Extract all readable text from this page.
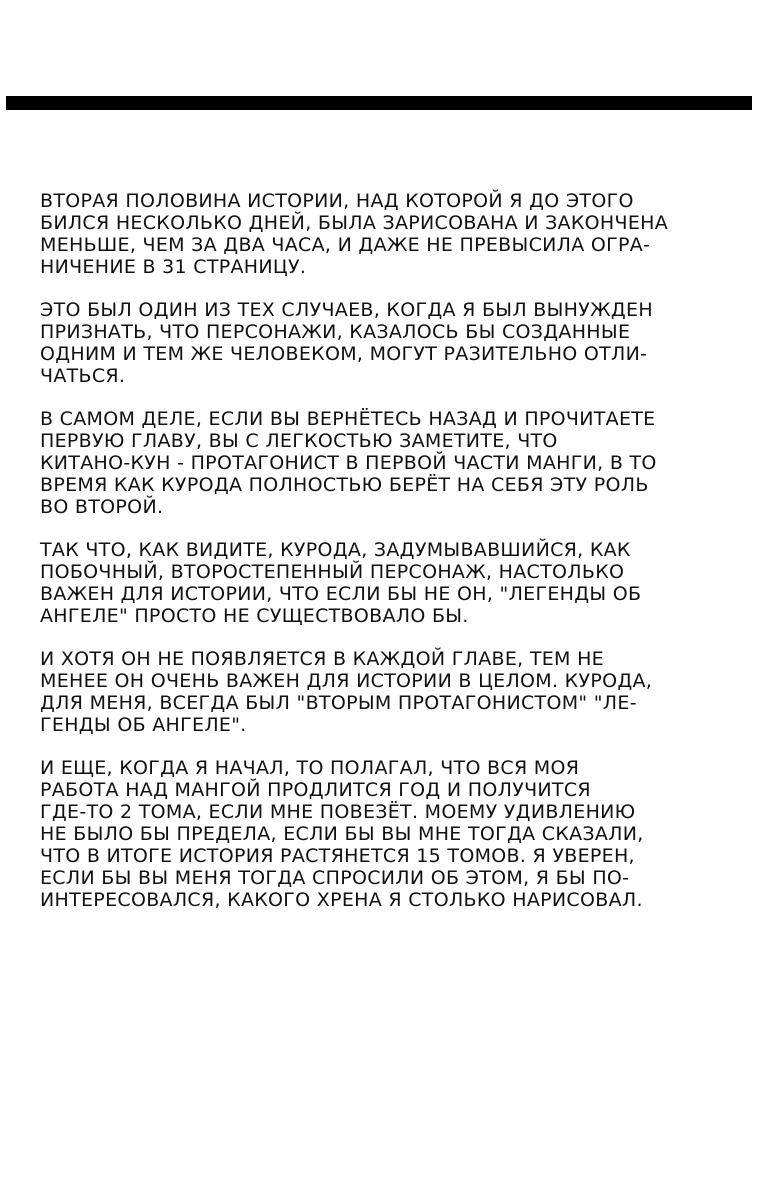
ВТОРАЯ ПОЛОВИНА ИСТОРИИ, НАД КОТОРОЙ Я ДО ЭТОГО
БИЛСЯ НЕСКОЛЬКО ДНЕЙ, БЫЛА ЗАРИСОВАНА И ЗАКОНЧЕНА
МЕНЬШЕ, ЧЕМ ЗА ДВА ЧАСА, И ДАЖЕ НЕ ПРЕВЫСИЛА ОГРА-
НИЧЕНИЕ В 31 СТРАНИЦУ.
ЭТО БЫЛ ОДИН ИЗ ТЕХ СЛУЧАЕВ, КОГДА Я БЫЛ ВЫНУЖДЕН
ПРИЗНАТЬ, ЧТО ПЕРСОНАЖИ, КАЗАЛОСЬ БЫ СОЗДАННЫЕ
ОДНИМ И ТЕМ ЖЕ ЧЕЛОВЕКОМ, МОГУТ РАЗИТЕЛЬНО ОТЛИ-
ЧАТЬСЯ.
В САМОМ ДЕЛЕ, ЕСЛИ ВЫ ВЕРНЁТЕСЬ НАЗАД И ПРОЧИТАЕТЕ
ПЕРВУЮ ГЛАВУ, ВЫ С ЛЕГКОСТЬЮ ЗАМЕТИТЕ, ЧТО
КИТАНО-КУН - ПРОТАГОНИСТ В ПЕРВОЙ ЧАСТИ МАНГИ, В ТО
ВРЕМЯ КАК КУРОДА ПОЛНОСТЬЮ БЕРЁТ НА СЕБЯ ЭТУ РОЛЬ
ВО ВТОРОЙ.
ТАК ЧТО, КАК ВИДИТЕ, КУРОДА, ЗАДУМЫВАВШИЙСЯ, КАК
ПОБОЧНЫЙ, ВТОРОСТЕПЕННЫЙ ПЕРСОНАЖ, НАСТОЛЬКО
ВАЖЕН ДЛЯ ИСТОРИИ, ЧТО ЕСЛИ БЫ НЕ ОН, "ЛЕГЕНДЫ ОБ
АНГЕЛЕ" ПРОСТО НЕ СУЩЕСТВОВАЛО БЫ.
И ХОТЯ ОН НЕ ПОЯВЛЯЕТСЯ В КАЖДОЙ ГЛАВЕ, ТЕМ НЕ
МЕНЕЕ ОН ОЧЕНЬ ВАЖЕН ДЛЯ ИСТОРИИ В ЦЕЛОМ. КУРОДА,
ДЛЯ МЕНЯ, ВСЕГДА БЫЛ "ВТОРЫМ ПРОТАГОНИСТОМ" "ЛЕ-
ГЕНДЫ ОБ АНГЕЛЕ".
И ЕЩЕ, КОГДА Я НАЧАЛ, ТО ПОЛАГАЛ, ЧТО ВСЯ МОЯ
РАБОТА НАД МАНГОЙ ПРОДЛИТСЯ ГОД И ПОЛУЧИТСЯ
ГДЕ-ТО 2 ТОМА, ЕСЛИ МНЕ ПОВЕЗЁТ. МОЕМУ УДИВЛЕНИЮ
НЕ БЫЛО БЫ ПРЕДЕЛА, ЕСЛИ БЫ ВЫ МНЕ ТОГДА СКАЗАЛИ,
ЧТО В ИТОГЕ ИСТОРИЯ РАСТЯНЕТСЯ 15 ТОМОВ. Я УВЕРЕН,
ЕСЛИ БЫ ВЫ МЕНЯ ТОГДА СПРОСИЛИ ОБ ЭТОМ, Я БЫ ПО-
ИНТЕРЕСОВАЛСЯ, КАКОГО ХРЕНА Я СТОЛЬКО НАРИСОВАЛ.
